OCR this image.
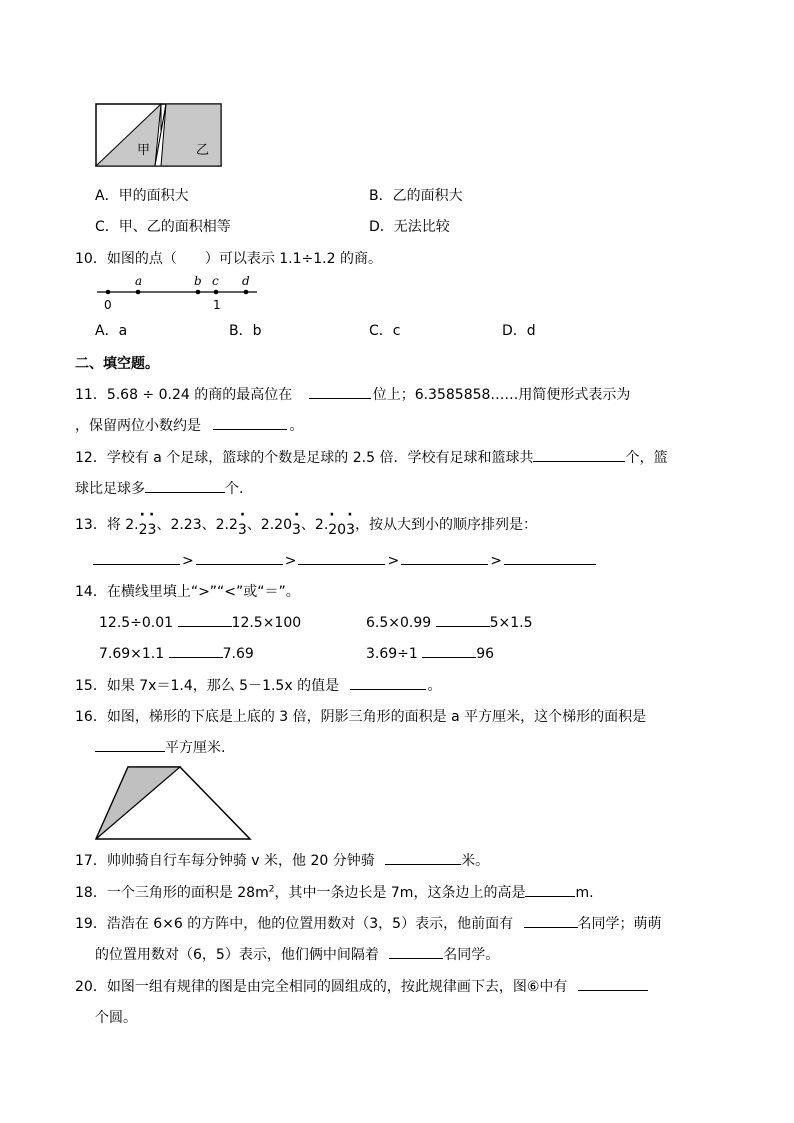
甲	乙
A．甲的面积大	B．乙的面积大
C．甲、乙的面积相等	D．无法比较
10．如图的点（　　）可以表示 1.1÷1.2 的商。
a	b c d
0	1
A．a	B．b	C．c	D．d
二、填空题。
11．5.68 ÷ 0.24 的商的最高位在	位上；6.3585858……用简便形式表示为
，保留两位小数约是	。
12．学校有 a 个足球，篮球的个数是足球的 2.5 倍．学校有足球和篮球共	个，篮
球比足球多	个.
13．将 2.
··
23、2.23、2.2
·
3、2.20
·
3、2.
· ·
203，按从大到小的顺序排列是：
>	>	>	>
14．在横线里填上“>”“<”或“＝”。
12.5÷0.01	12.5×100	6.5×0.99	5×1.5
7.69×1.1	7.69	3.69÷1	96
15．如果 7x＝1.4，那么 5－1.5x 的值是	。
16．如图，梯形的下底是上底的 3 倍，阴影三角形的面积是 a 平方厘米，这个梯形的面积是
平方厘米.
17．帅帅骑自行车每分钟骑 v 米，他 20 分钟骑	米。
18．一个三角形的面积是 $28m^2$，其中一条边长是 7m，这条边上的高是	m.
19．浩浩在 6×6 的方阵中，他的位置用数对（3，5）表示，他前面有	名同学；萌萌
的位置用数对（6，5）表示，他们俩中间隔着	名同学。
20．如图一组有规律的图是由完全相同的圆组成的，按此规律画下去，图⑥中有
个圆。
